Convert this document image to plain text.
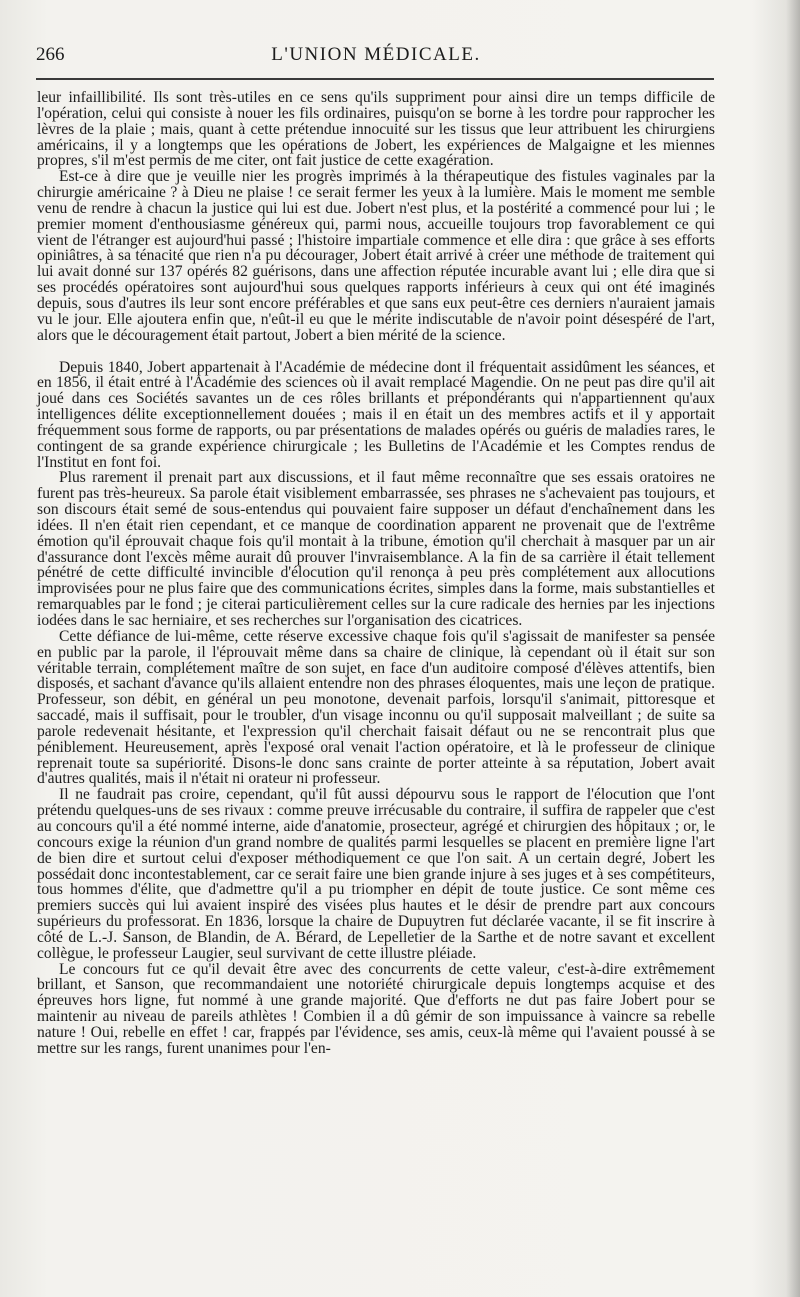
266	L'UNION MÉDICALE.

leur infaillibilité. Ils sont très-utiles en ce sens qu'ils suppriment pour ainsi dire un temps difficile de l'opération, celui qui consiste à nouer les fils ordinaires, puisqu'on se borne à les tordre pour rapprocher les lèvres de la plaie ; mais, quant à cette prétendue innocuité sur les tissus que leur attribuent les chirurgiens américains, il y a longtemps que les opérations de Jobert, les expériences de Malgaigne et les miennes propres, s'il m'est permis de me citer, ont fait justice de cette exagération.

Est-ce à dire que je veuille nier les progrès imprimés à la thérapeutique des fistules vaginales par la chirurgie américaine ? à Dieu ne plaise ! ce serait fermer les yeux à la lumière. Mais le moment me semble venu de rendre à chacun la justice qui lui est due. Jobert n'est plus, et la postérité a commencé pour lui ; le premier moment d'enthousiasme généreux qui, parmi nous, accueille toujours trop favorablement ce qui vient de l'étranger est aujourd'hui passé ; l'histoire impartiale commence et elle dira : que grâce à ses efforts opiniâtres, à sa ténacité que rien n'a pu décourager, Jobert était arrivé à créer une méthode de traitement qui lui avait donné sur 137 opérés 82 guérisons, dans une affection réputée incurable avant lui ; elle dira que si ses procédés opératoires sont aujourd'hui sous quelques rapports inférieurs à ceux qui ont été imaginés depuis, sous d'autres ils leur sont encore préférables et que sans eux peut-être ces derniers n'auraient jamais vu le jour. Elle ajoutera enfin que, n'eût-il eu que le mérite indiscutable de n'avoir point désespéré de l'art, alors que le découragement était partout, Jobert a bien mérité de la science.

Depuis 1840, Jobert appartenait à l'Académie de médecine dont il fréquentait assidûment les séances, et en 1856, il était entré à l'Académie des sciences où il avait remplacé Magendie. On ne peut pas dire qu'il ait joué dans ces Sociétés savantes un de ces rôles brillants et prépondérants qui n'appartiennent qu'aux intelligences délite exceptionnellement douées ; mais il en était un des membres actifs et il y apportait fréquemment sous forme de rapports, ou par présentations de malades opérés ou guéris de maladies rares, le contingent de sa grande expérience chirurgicale ; les Bulletins de l'Académie et les Comptes rendus de l'Institut en font foi.

Plus rarement il prenait part aux discussions, et il faut même reconnaître que ses essais oratoires ne furent pas très-heureux. Sa parole était visiblement embarrassée, ses phrases ne s'achevaient pas toujours, et son discours était semé de sous-entendus qui pouvaient faire supposer un défaut d'enchaînement dans les idées. Il n'en était rien cependant, et ce manque de coordination apparent ne provenait que de l'extrême émotion qu'il éprouvait chaque fois qu'il montait à la tribune, émotion qu'il cherchait à masquer par un air d'assurance dont l'excès même aurait dû prouver l'invraisemblance. A la fin de sa carrière il était tellement pénétré de cette difficulté invincible d'élocution qu'il renonça à peu près complétement aux allocutions improvisées pour ne plus faire que des communications écrites, simples dans la forme, mais substantielles et remarquables par le fond ; je citerai particulièrement celles sur la cure radicale des hernies par les injections iodées dans le sac herniaire, et ses recherches sur l'organisation des cicatrices.

Cette défiance de lui-même, cette réserve excessive chaque fois qu'il s'agissait de manifester sa pensée en public par la parole, il l'éprouvait même dans sa chaire de clinique, là cependant où il était sur son véritable terrain, complétement maître de son sujet, en face d'un auditoire composé d'élèves attentifs, bien disposés, et sachant d'avance qu'ils allaient entendre non des phrases éloquentes, mais une leçon de pratique. Professeur, son débit, en général un peu monotone, devenait parfois, lorsqu'il s'animait, pittoresque et saccadé, mais il suffisait, pour le troubler, d'un visage inconnu ou qu'il supposait malveillant ; de suite sa parole redevenait hésitante, et l'expression qu'il cherchait faisait défaut ou ne se rencontrait plus que péniblement. Heureusement, après l'exposé oral venait l'action opératoire, et là le professeur de clinique reprenait toute sa supériorité. Disons-le donc sans crainte de porter atteinte à sa réputation, Jobert avait d'autres qualités, mais il n'était ni orateur ni professeur.

Il ne faudrait pas croire, cependant, qu'il fût aussi dépourvu sous le rapport de l'élocution que l'ont prétendu quelques-uns de ses rivaux : comme preuve irrécusable du contraire, il suffira de rappeler que c'est au concours qu'il a été nommé interne, aide d'anatomie, prosecteur, agrégé et chirurgien des hôpitaux ; or, le concours exige la réunion d'un grand nombre de qualités parmi lesquelles se placent en première ligne l'art de bien dire et surtout celui d'exposer méthodiquement ce que l'on sait. A un certain degré, Jobert les possédait donc incontestablement, car ce serait faire une bien grande injure à ses juges et à ses compétiteurs, tous hommes d'élite, que d'admettre qu'il a pu triompher en dépit de toute justice. Ce sont même ces premiers succès qui lui avaient inspiré des visées plus hautes et le désir de prendre part aux concours supérieurs du professorat. En 1836, lorsque la chaire de Dupuytren fut déclarée vacante, il se fit inscrire à côté de L.-J. Sanson, de Blandin, de A. Bérard, de Lepelletier de la Sarthe et de notre savant et excellent collègue, le professeur Laugier, seul survivant de cette illustre pléiade.

Le concours fut ce qu'il devait être avec des concurrents de cette valeur, c'est-à-dire extrêmement brillant, et Sanson, que recommandaient une notoriété chirurgicale depuis longtemps acquise et des épreuves hors ligne, fut nommé à une grande majorité. Que d'efforts ne dut pas faire Jobert pour se maintenir au niveau de pareils athlètes ! Combien il a dû gémir de son impuissance à vaincre sa rebelle nature ! Oui, rebelle en effet ! car, frappés par l'évidence, ses amis, ceux-là même qui l'avaient poussé à se mettre sur les rangs, furent unanimes pour l'en-
